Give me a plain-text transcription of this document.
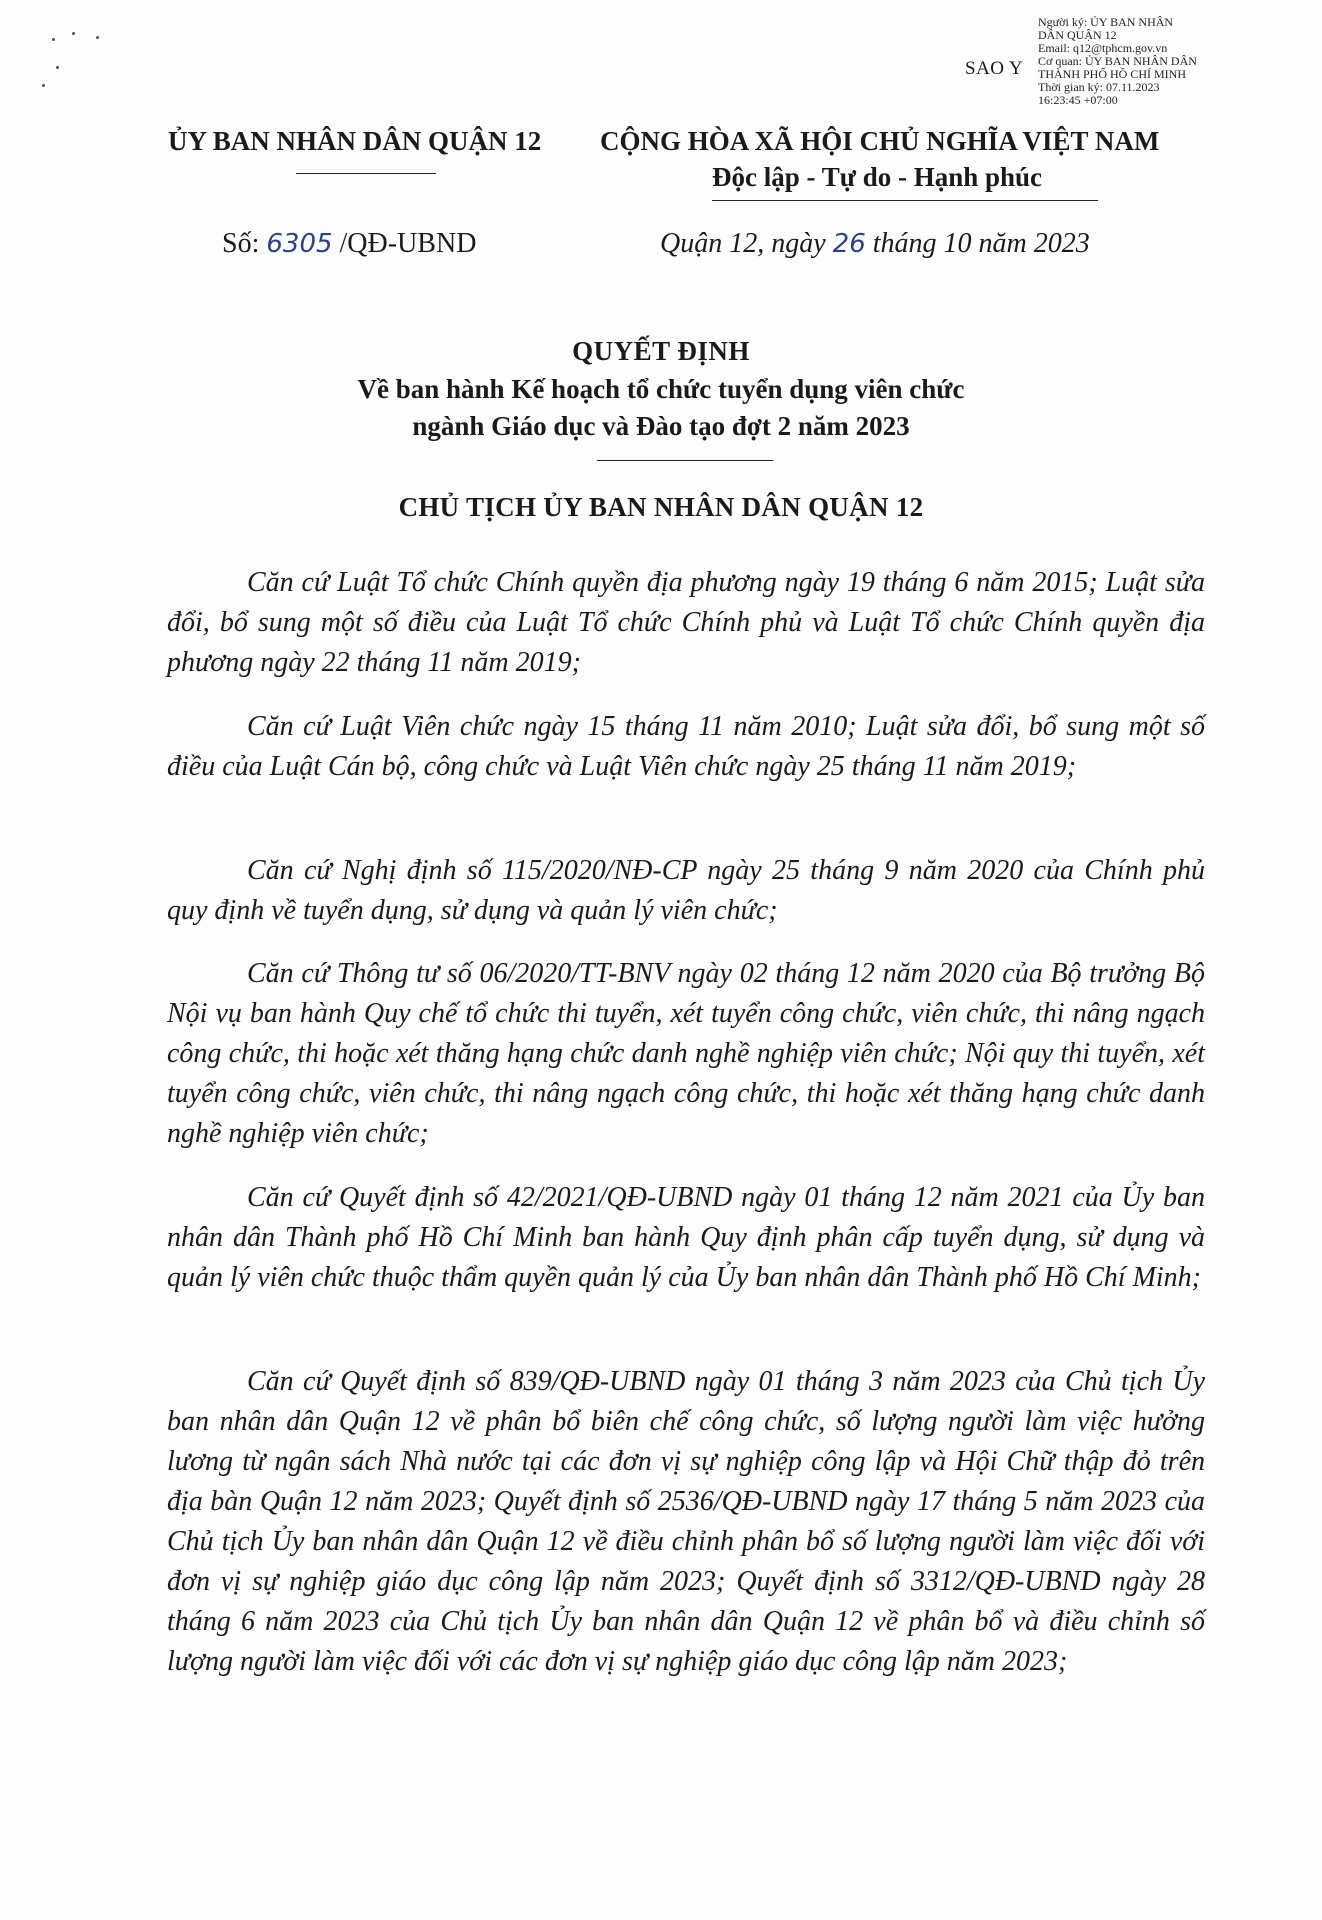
Người ký: ỦY BAN NHÂN
DÂN QUẬN 12
Email: q12@tphcm.gov.vn
Cơ quan: ỦY BAN NHÂN DÂN
THÀNH PHỐ HỒ CHÍ MINH
Thời gian ký: 07.11.2023
16:23:45 +07:00
SAO Y
ỦY BAN NHÂN DÂN QUẬN 12 CỘNG HÒA XÃ HỘI CHỦ NGHĨA VIỆT NAM
Độc lập - Tự do - Hạnh phúc
Số: 6305 /QĐ-UBND	Quận 12, ngày 26 tháng 10 năm 2023
QUYẾT ĐỊNH
Về ban hành Kế hoạch tổ chức tuyển dụng viên chức
ngành Giáo dục và Đào tạo đợt 2 năm 2023
CHỦ TỊCH ỦY BAN NHÂN DÂN QUẬN 12

Căn cứ Luật Tổ chức Chính quyền địa phương ngày 19 tháng 6 năm 2015; Luật sửa đổi, bổ sung một số điều của Luật Tổ chức Chính phủ và Luật Tổ chức Chính quyền địa phương ngày 22 tháng 11 năm 2019;

Căn cứ Luật Viên chức ngày 15 tháng 11 năm 2010; Luật sửa đổi, bổ sung một số điều của Luật Cán bộ, công chức và Luật Viên chức ngày 25 tháng 11 năm 2019;

Căn cứ Nghị định số 115/2020/NĐ-CP ngày 25 tháng 9 năm 2020 của Chính phủ quy định về tuyển dụng, sử dụng và quản lý viên chức;

Căn cứ Thông tư số 06/2020/TT-BNV ngày 02 tháng 12 năm 2020 của Bộ trưởng Bộ Nội vụ ban hành Quy chế tổ chức thi tuyển, xét tuyển công chức, viên chức, thi nâng ngạch công chức, thi hoặc xét thăng hạng chức danh nghề nghiệp viên chức; Nội quy thi tuyển, xét tuyển công chức, viên chức, thi nâng ngạch công chức, thi hoặc xét thăng hạng chức danh nghề nghiệp viên chức;

Căn cứ Quyết định số 42/2021/QĐ-UBND ngày 01 tháng 12 năm 2021 của Ủy ban nhân dân Thành phố Hồ Chí Minh ban hành Quy định phân cấp tuyển dụng, sử dụng và quản lý viên chức thuộc thẩm quyền quản lý của Ủy ban nhân dân Thành phố Hồ Chí Minh;

Căn cứ Quyết định số 839/QĐ-UBND ngày 01 tháng 3 năm 2023 của Chủ tịch Ủy ban nhân dân Quận 12 về phân bổ biên chế công chức, số lượng người làm việc hưởng lương từ ngân sách Nhà nước tại các đơn vị sự nghiệp công lập và Hội Chữ thập đỏ trên địa bàn Quận 12 năm 2023; Quyết định số 2536/QĐ-UBND ngày 17 tháng 5 năm 2023 của Chủ tịch Ủy ban nhân dân Quận 12 về điều chỉnh phân bổ số lượng người làm việc đối với đơn vị sự nghiệp giáo dục công lập năm 2023; Quyết định số 3312/QĐ-UBND ngày 28 tháng 6 năm 2023 của Chủ tịch Ủy ban nhân dân Quận 12 về phân bổ và điều chỉnh số lượng người làm việc đối với các đơn vị sự nghiệp giáo dục công lập năm 2023;
